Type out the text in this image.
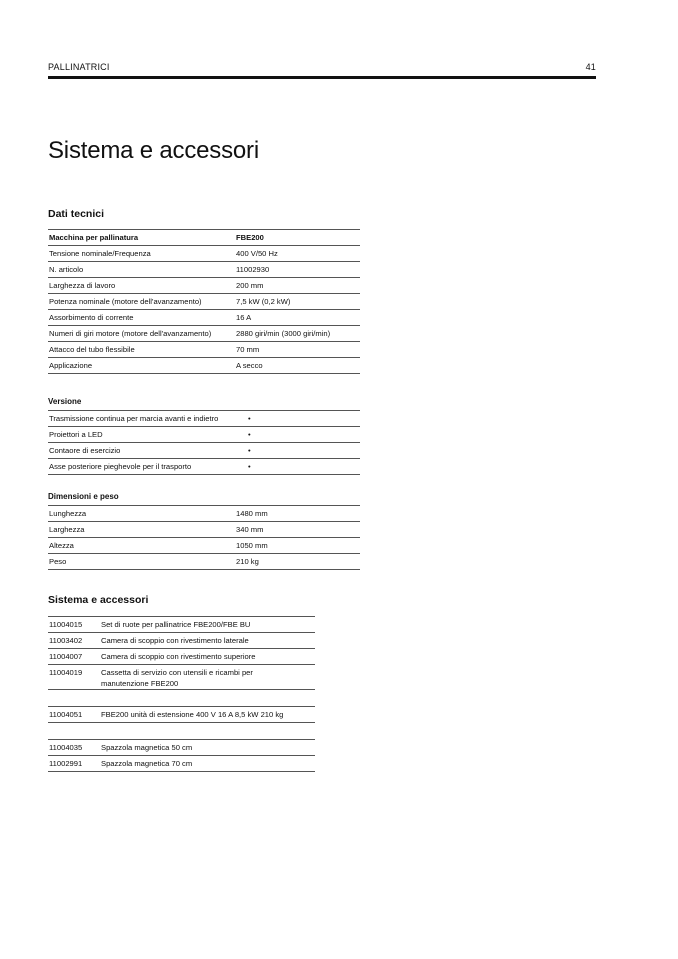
PALLINATRICI	41
Sistema e accessori
Dati tecnici
Macchina per pallinatura	FBE200
Tensione nominale/Frequenza	400 V/50 Hz
N. articolo	11002930
Larghezza di lavoro	200 mm
Potenza nominale (motore dell'avanzamento)	7,5 kW (0,2 kW)
Assorbimento di corrente	16 A
Numeri di giri motore (motore dell'avanzamento)	2880 giri/min (3000 giri/min)
Attacco del tubo flessibile	70 mm
Applicazione	A secco
Versione
Trasmissione continua per marcia avanti e indietro	•
Proiettori a LED	•
Contaore di esercizio	•
Asse posteriore pieghevole per il trasporto	•
Dimensioni e peso
Lunghezza	1480 mm
Larghezza	340 mm
Altezza	1050 mm
Peso	210 kg
Sistema e accessori
11004015 Set di ruote per pallinatrice FBE200/FBE BU
11003402 Camera di scoppio con rivestimento laterale
11004007 Camera di scoppio con rivestimento superiore
11004019 Cassetta di servizio con utensili e ricambi per manutenzione FBE200
11004051 FBE200 unità di estensione 400 V 16 A 8,5 kW 210 kg
11004035 Spazzola magnetica 50 cm
11002991 Spazzola magnetica 70 cm
